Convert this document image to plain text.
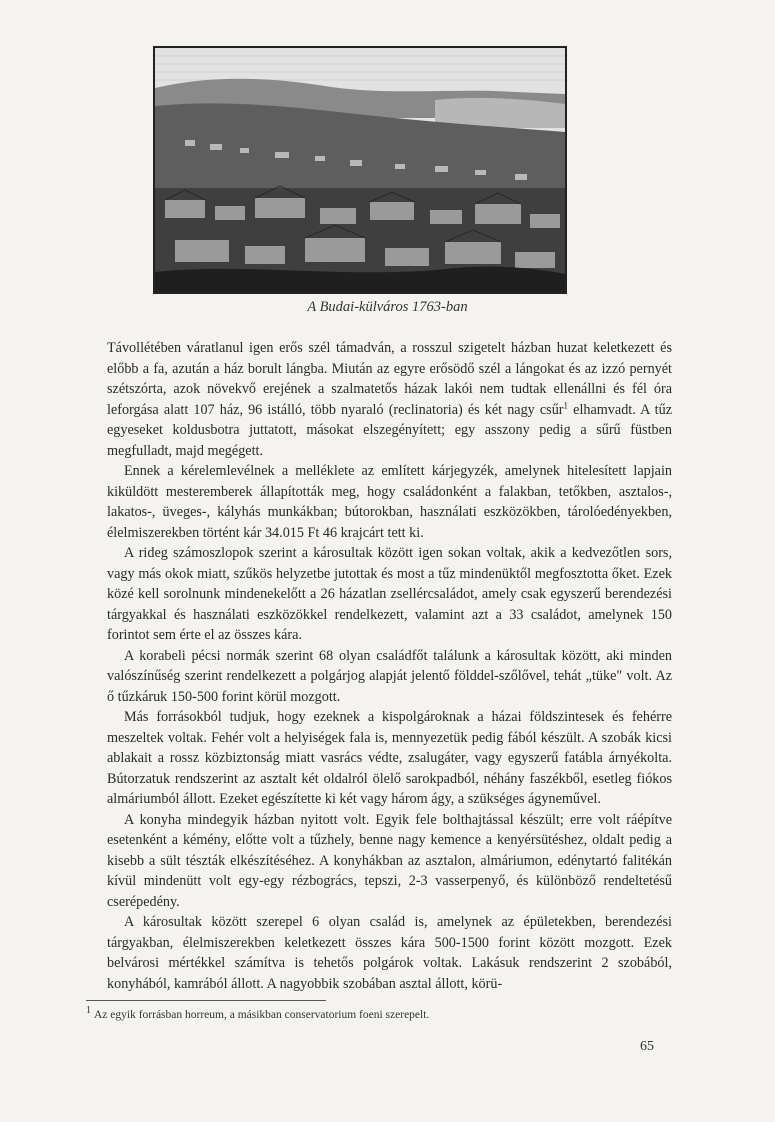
A Budai-külváros 1763-ban

Távollétében váratlanul igen erős szél támadván, a rosszul szigetelt házban huzat keletkezett és előbb a fa, azután a ház borult lángba. Miután az egyre erősödő szél a lángokat és az izzó pernyét szétszórta, azok növekvő erejének a szalmatetős házak lakói nem tudtak ellenállni és fél óra leforgása alatt 107 ház, 96 istálló, több nyaraló (reclinatoria) és két nagy csűr$^1$ elhamvadt. A tűz egyeseket koldusbotra juttatott, másokat elszegényített; egy asszony pedig a sűrű füstben megfulladt, majd megégett.

Ennek a kérelemlevélnek a melléklete az említett kárjegyzék, amelynek hitelesített lapjain kiküldött mesteremberek állapították meg, hogy családonként a falakban, tetőkben, asztalos-, lakatos-, üveges-, kályhás munkákban; bútorokban, használati eszközökben, tárolóedényekben, élelmiszerekben történt kár 34.015 Ft 46 krajcárt tett ki.

A rideg számoszlopok szerint a károsultak között igen sokan voltak, akik a kedvezőtlen sors, vagy más okok miatt, szűkös helyzetbe jutottak és most a tűz mindenüktől megfosztotta őket. Ezek közé kell sorolnunk mindenekelőtt a 26 házatlan zsellércsaládot, amely csak egyszerű berendezési tárgyakkal és használati eszközökkel rendelkezett, valamint azt a 33 családot, amelynek 150 forintot sem érte el az összes kára.

A korabeli pécsi normák szerint 68 olyan családfőt találunk a károsultak között, aki minden valószínűség szerint rendelkezett a polgárjog alapját jelentő földdel-szőlővel, tehát „tüke" volt. Az ő tűzkáruk 150-500 forint körül mozgott.

Más forrásokból tudjuk, hogy ezeknek a kispolgároknak a házai földszintesek és fehérre meszeltek voltak. Fehér volt a helyiségek fala is, mennyezetük pedig fából készült. A szobák kicsi ablakait a rossz közbiztonság miatt vasrács védte, zsalugáter, vagy egyszerű fatábla árnyékolta. Bútorzatuk rendszerint az asztalt két oldalról ölelő sarokpadból, néhány faszékből, esetleg fiókos almáriumból állott. Ezeket egészítette ki két vagy három ágy, a szükséges ágyneművel.

A konyha mindegyik házban nyitott volt. Egyik fele bolthajtással készült; erre volt ráépítve esetenként a kémény, előtte volt a tűzhely, benne nagy kemence a kenyérsütéshez, oldalt pedig a kisebb a sült tészták elkészítéséhez. A konyhákban az asztalon, almáriumon, edénytartó falitékán kívül mindenütt volt egy-egy rézbogrács, tepszi, 2-3 vasserpenyő, és különböző rendeltetésű cserépedény.

A károsultak között szerepel 6 olyan család is, amelynek az épületekben, berendezési tárgyakban, élelmiszerekben keletkezett összes kára 500-1500 forint között mozgott. Ezek belvárosi mértékkel számítva is tehetős polgárok voltak. Lakásuk rendszerint 2 szobából, konyhából, kamrából állott. A nagyobbik szobában asztal állott, körü-

1 Az egyik forrásban horreum, a másikban conservatorium foeni szerepelt.
65
